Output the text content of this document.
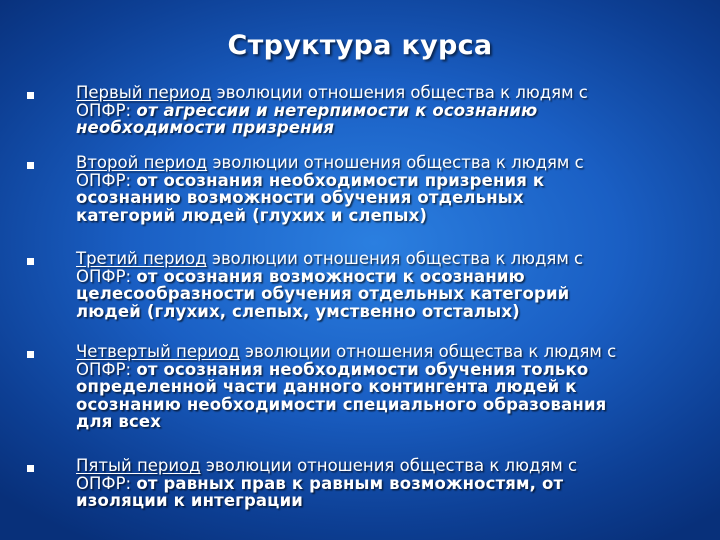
Структура курса
Первый период эволюции отношения общества к людям с
ОПФР: от агрессии и нетерпимости к осознанию
необходимости призрения
Второй период эволюции отношения общества к людям с
ОПФР: от осознания необходимости призрения к
осознанию возможности обучения отдельных
категорий людей (глухих и слепых)
Третий период эволюции отношения общества к людям с
ОПФР: от осознания возможности к осознанию
целесообразности обучения отдельных категорий
людей (глухих, слепых, умственно отсталых)
Четвертый период эволюции отношения общества к людям с
ОПФР: от осознания необходимости обучения только
определенной части данного контингента людей к
осознанию необходимости специального образования
для всех
Пятый период эволюции отношения общества к людям с
ОПФР: от равных прав к равным возможностям, от
изоляции к интеграции
